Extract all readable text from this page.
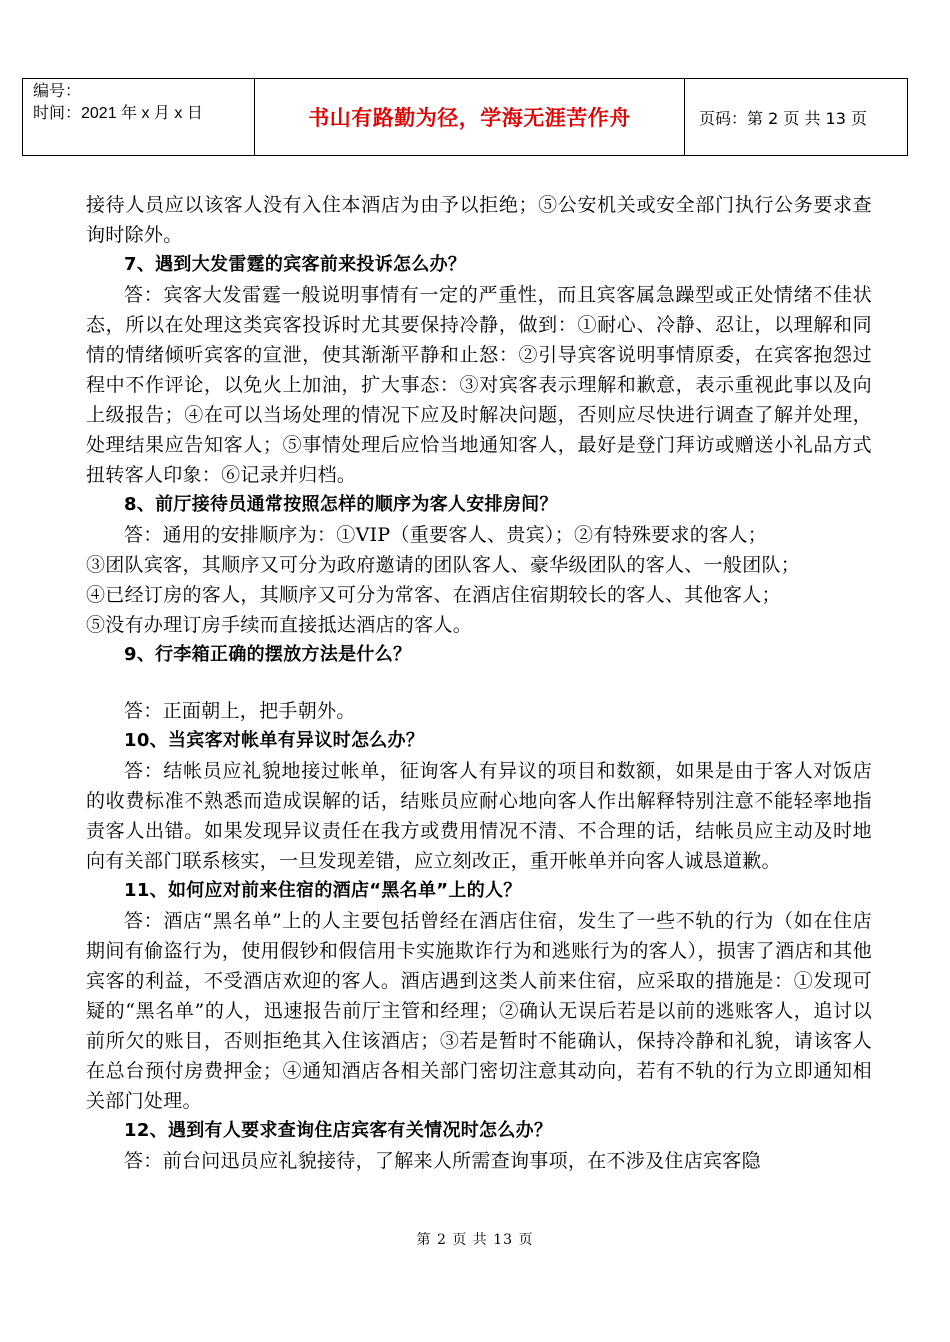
编号：
时间：2021 年 x 月 x 日	书山有路勤为径，学海无涯苦作舟	页码：第 2 页 共 13 页

接待人员应以该客人没有入住本酒店为由予以拒绝；⑤公安机关或安全部门执行公务要求查询时除外。

7、遇到大发雷霆的宾客前来投诉怎么办？

答：宾客大发雷霆一般说明事情有一定的严重性，而且宾客属急躁型或正处情绪不佳状态，所以在处理这类宾客投诉时尤其要保持冷静，做到：①耐心、冷静、忍让，以理解和同情的情绪倾听宾客的宣泄，使其渐渐平静和止怒：②引导宾客说明事情原委，在宾客抱怨过程中不作评论，以免火上加油，扩大事态：③对宾客表示理解和歉意，表示重视此事以及向上级报告；④在可以当场处理的情况下应及时解决问题，否则应尽快进行调查了解并处理，处理结果应告知客人；⑤事情处理后应恰当地通知客人，最好是登门拜访或赠送小礼品方式扭转客人印象：⑥记录并归档。

8、前厅接待员通常按照怎样的顺序为客人安排房间？

答：通用的安排顺序为：①VIP（重要客人、贵宾）；②有特殊要求的客人；

③团队宾客，其顺序又可分为政府邀请的团队客人、豪华级团队的客人、一般团队；

④已经订房的客人，其顺序又可分为常客、在酒店住宿期较长的客人、其他客人；

⑤没有办理订房手续而直接抵达酒店的客人。

9、行李箱正确的摆放方法是什么？

答：正面朝上，把手朝外。

10、当宾客对帐单有异议时怎么办？

答：结帐员应礼貌地接过帐单，征询客人有异议的项目和数额，如果是由于客人对饭店的收费标准不熟悉而造成误解的话，结账员应耐心地向客人作出解释特别注意不能轻率地指责客人出错。如果发现异议责任在我方或费用情况不清、不合理的话，结帐员应主动及时地向有关部门联系核实，一旦发现差错，应立刻改正，重开帐单并向客人诚恳道歉。

11、如何应对前来住宿的酒店“黑名单”上的人？

答：酒店“黑名单”上的人主要包括曾经在酒店住宿，发生了一些不轨的行为（如在住店期间有偷盗行为，使用假钞和假信用卡实施欺诈行为和逃账行为的客人），损害了酒店和其他宾客的利益，不受酒店欢迎的客人。酒店遇到这类人前来住宿，应采取的措施是：①发现可疑的“黑名单”的人，迅速报告前厅主管和经理；②确认无误后若是以前的逃账客人，追讨以前所欠的账目，否则拒绝其入住该酒店；③若是暂时不能确认，保持冷静和礼貌，请该客人在总台预付房费押金；④通知酒店各相关部门密切注意其动向，若有不轨的行为立即通知相关部门处理。

12、遇到有人要求查询住店宾客有关情况时怎么办？

答：前台问迅员应礼貌接待，了解来人所需查询事项，在不涉及住店宾客隐

第 2 页 共 13 页
